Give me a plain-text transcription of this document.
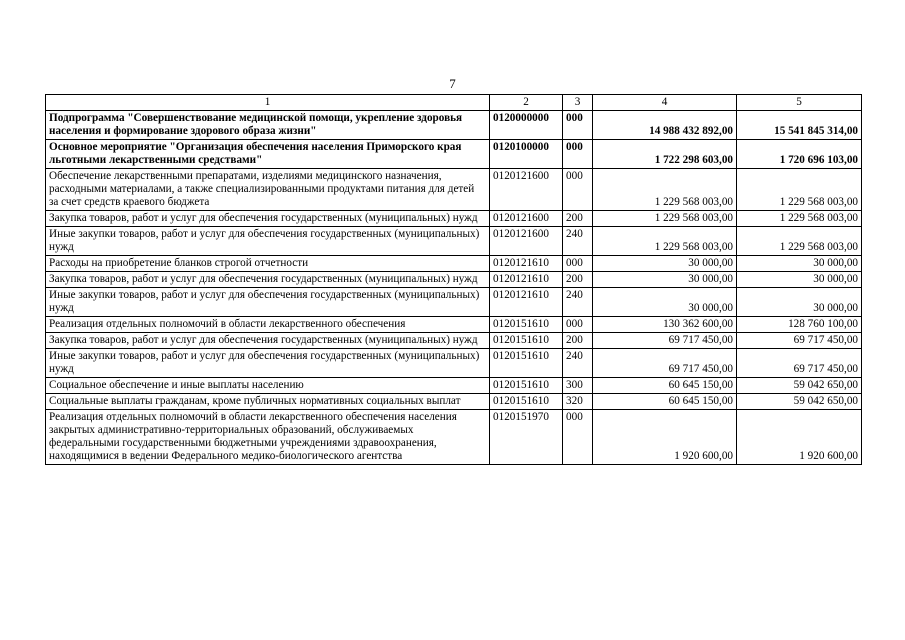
7
1	2	3	4	5
Подпрограмма "Совершенствование медицинской помощи, укрепление здоровья населения и формирование здорового образа жизни"	0120000000	000	14 988 432 892,00	15 541 845 314,00
Основное мероприятие "Организация обеспечения населения Приморского края льготными лекарственными средствами"	0120100000	000	1 722 298 603,00	1 720 696 103,00
Обеспечение лекарственными препаратами, изделиями медицинского назначения, расходными материалами, а также специализированными продуктами питания для детей за счет средств краевого бюджета	0120121600	000	1 229 568 003,00	1 229 568 003,00
Закупка товаров, работ и услуг для обеспечения государственных (муниципальных) нужд	0120121600	200	1 229 568 003,00	1 229 568 003,00
Иные закупки товаров, работ и услуг для обеспечения государственных (муниципальных) нужд	0120121600	240	1 229 568 003,00	1 229 568 003,00
Расходы на приобретение бланков строгой отчетности	0120121610	000	30 000,00	30 000,00
Закупка товаров, работ и услуг для обеспечения государственных (муниципальных) нужд	0120121610	200	30 000,00	30 000,00
Иные закупки товаров, работ и услуг для обеспечения государственных (муниципальных) нужд	0120121610	240	30 000,00	30 000,00
Реализация отдельных полномочий в области лекарственного обеспечения	0120151610	000	130 362 600,00	128 760 100,00
Закупка товаров, работ и услуг для обеспечения государственных (муниципальных) нужд	0120151610	200	69 717 450,00	69 717 450,00
Иные закупки товаров, работ и услуг для обеспечения государственных (муниципальных) нужд	0120151610	240	69 717 450,00	69 717 450,00
Социальное обеспечение и иные выплаты населению	0120151610	300	60 645 150,00	59 042 650,00
Социальные выплаты гражданам, кроме публичных нормативных социальных выплат	0120151610	320	60 645 150,00	59 042 650,00
Реализация отдельных полномочий в области лекарственного обеспечения населения закрытых административно-территориальных образований, обслуживаемых федеральными государственными бюджетными учреждениями здравоохранения, находящимися в ведении Федерального медико-биологического агентства	0120151970	000	1 920 600,00	1 920 600,00
